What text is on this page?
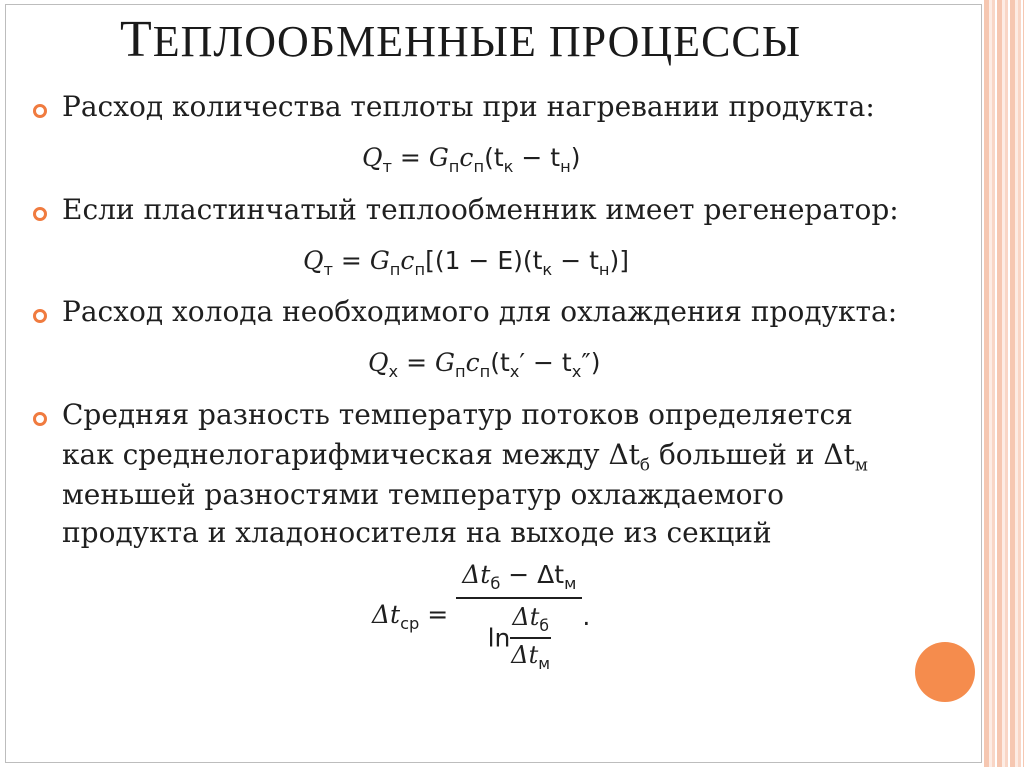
ТЕПЛООБМЕННЫЕ ПРОЦЕССЫ
Расход количества теплоты при нагревании продукта:
$Q_т = G_пc_п(t_к - t_н)$
Если пластинчатый теплообменник имеет регенератор:
$Q_т = G_пc_п[(1 - E)(t_к - t_н)]$
Расход холода необходимого для охлаждения продукта:
$Q_х = G_пc_п(t_х' - t_х'')$
Средняя разность температур потоков определяется
как среднелогарифмическая между $\Delta t_б$ большей и $\Delta t_м$
меньшей разностями температур охлаждаемого
продукта и хладоносителя на выходе из секций
$\Delta t_{ср} = \frac{\Delta t_б - \Delta t_м}{\ln \frac{\Delta t_б}{\Delta t_м}}$ .
